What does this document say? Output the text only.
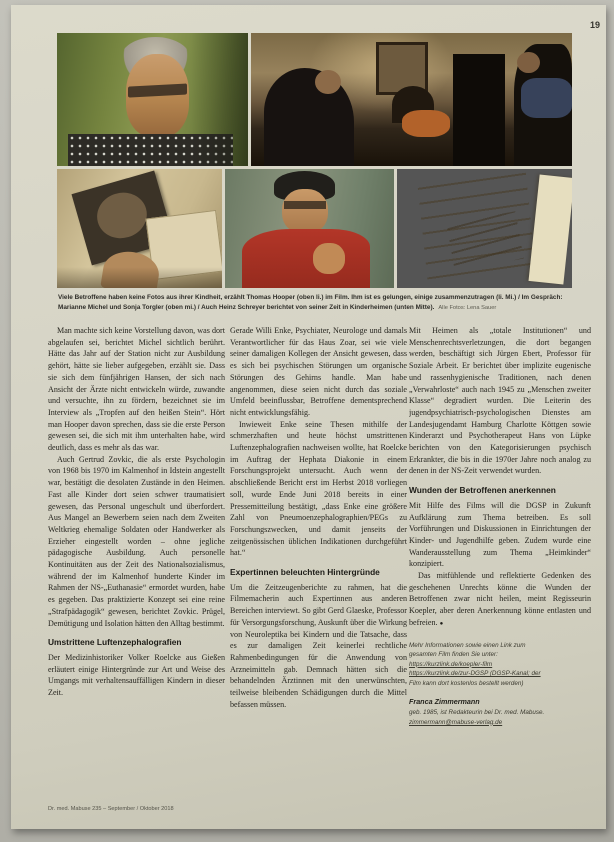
19
Viele Betroffene haben keine Fotos aus ihrer Kindheit, erzählt Thomas Hooper (oben li.) im Film. Ihm ist es gelungen, einige zusammenzutragen (li. Mi.) / Im Gespräch: Marianne Michel und Sonja Torgler (oben mi.) / Auch Heinz Schreyer berichtet von seiner Zeit in Kinderheimen (unten Mitte). Alle Fotos: Lena Sauer

Man machte sich keine Vorstellung davon, was dort abgelaufen sei, berichtet Michel sichtlich berührt. Hätte das Jahr auf der Station nicht zur Ausbildung gehört, hätte sie lieber aufgegeben, erzählt sie. Dass sie sich dem fünfjährigen Hansen, der sich nach Ansicht der Ärzte nicht entwickeln würde, zuwandte und versuchte, ihn zu fördern, bezeichnet sie im Interview als „Tropfen auf den heißen Stein“. Hört man Hooper davon sprechen, dass sie die erste Person gewesen sei, die sich mit ihm unterhalten habe, wird deutlich, dass es mehr als das war.

Auch Gertrud Zovkic, die als erste Psychologin von 1968 bis 1970 im Kalmenhof in Idstein angestellt war, bestätigt die desolaten Zustände in den Heimen. Fast alle Kinder dort seien schwer traumatisiert gewesen, das Personal ungeschult und überfordert. Aus Mangel an Bewerbern seien nach dem Zweiten Weltkrieg ehemalige Soldaten oder Handwerker als Erzieher eingestellt worden – ohne jegliche pädagogische Ausbildung. Auch personelle Kontinuitäten aus der Zeit des Nationalsozialismus, während der im Kalmenhof hunderte Kinder im Rahmen der NS-„Euthanasie“ ermordet wurden, habe es gegeben. Das praktizierte Konzept sei eine reine „Strafpädagogik“ gewesen, berichtet Zovkic. Prügel, Demütigung und Isolation hätten den Alltag bestimmt.

Umstrittene Luftenzephalografien

Der Medizinhistoriker Volker Roelcke aus Gießen erläutert einige Hintergründe zur Art und Weise des Umgangs mit verhaltensauffälligen Kindern in dieser Zeit.

Gerade Willi Enke, Psychiater, Neurologe und damals Verantwortlicher für das Haus Zoar, sei wie viele seiner damaligen Kollegen der Ansicht gewesen, dass es sich bei psychischen Störungen um organische Störungen des Gehirns handle. Man habe angenommen, diese seien nicht durch das soziale Umfeld beeinflussbar, Betroffene dementsprechend nicht entwicklungsfähig.

Inwieweit Enke seine Thesen mithilfe der schmerzhaften und heute höchst umstrittenen Luftenzephalografien nachweisen wollte, hat Roelcke im Auftrag der Hephata Diakonie in einem Forschungsprojekt untersucht. Auch wenn der abschließende Bericht erst im Herbst 2018 vorliegen soll, wurde Ende Juni 2018 bereits in einer Pressemitteilung bestätigt, „dass Enke eine größere Zahl von Pneumoenzephalographien/PEGs zu Forschungszwecken, und damit jenseits der zeitgenössischen üblichen Indikationen durchgeführt hat.“

Expertinnen beleuchten Hintergründe

Um die Zeitzeugenberichte zu rahmen, hat die Filmemacherin auch Expertinnen aus anderen Bereichen interviewt. So gibt Gerd Glaeske, Professor für Versorgungsforschung, Auskunft über die Wirkung von Neuroleptika bei Kindern und die Tatsache, dass es zur damaligen Zeit keinerlei rechtliche Rahmenbedingungen für die Anwendung von Arzneimitteln gab. Demnach hätten sich die behandelnden Ärztinnen mit den unerwünschten, teilweise bleibenden Schädigungen durch die Mittel befassen müssen.

Mit Heimen als „totale Institutionen“ und Menschenrechtsverletzungen, die dort begangen werden, beschäftigt sich Jürgen Ebert, Professor für Soziale Arbeit. Er berichtet über implizite eugenische und rassenhygienische Traditionen, nach denen „Verwahrloste“ auch nach 1945 zu „Menschen zweiter Klasse“ degradiert wurden. Die Leiterin des jugendpsychiatrisch-psychologischen Dienstes am Landesjugendamt Hamburg Charlotte Köttgen sowie Kinderarzt und Psychotherapeut Hans von Lüpke berichten von den Kategorisierungen psychisch Erkrankter, die bis in die 1970er Jahre noch analog zu denen in der NS-Zeit verwendet wurden.

Wunden der Betroffenen anerkennen

Mit Hilfe des Films will die DGSP in Zukunft Aufklärung zum Thema betreiben. Es soll Vorführungen und Diskussionen in Einrichtungen der Kinder- und Jugendhilfe geben. Zudem wurde eine Wanderausstellung zum Thema „Heimkinder“ konzipiert.

Das mitfühlende und reflektierte Gedenken des geschehenen Unrechts könne die Wunden der Betroffenen zwar nicht heilen, meint Regisseurin Koepler, aber deren Anerkennung könne entlasten und befreien. ●

Mehr Informationen sowie einen Link zum
gesamten Film finden Sie unter:
https://kurzlink.de/koepler-film
https://kurzlink.de/zur-DGSP (DGSP-Kanal; der
Film kann dort kostenlos bestellt werden)
Franca Zimmermann
geb. 1985, ist Redakteurin bei Dr. med. Mabuse.
zimmermann@mabuse-verlag.de
Dr. med. Mabuse 235 – September / Oktober 2018
